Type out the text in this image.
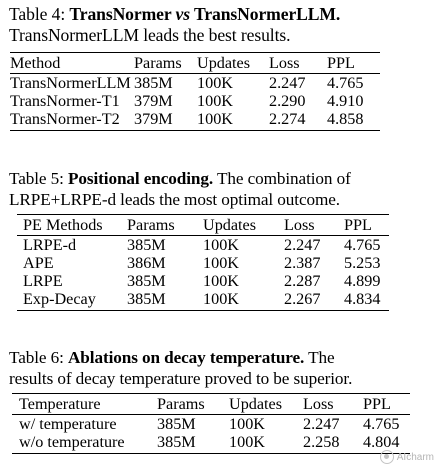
Table 4: TransNormer vs TransNormerLLM.
TransNormerLLM leads the best results.
Method	Params	Updates	Loss	PPL
TransNormerLLM	385M	100K	2.247	4.765
TransNormer-T1	379M	100K	2.290	4.910
TransNormer-T2	379M	100K	2.274	4.858
Table 5: Positional encoding. The combination of
LRPE+LRPE-d leads the most optimal outcome.
PE Methods	Params	Updates	Loss	PPL
LRPE-d	385M	100K	2.247	4.765
APE	386M	100K	2.387	5.253
LRPE	385M	100K	2.287	4.899
Exp-Decay	385M	100K	2.267	4.834
Table 6: Ablations on decay temperature. The
results of decay temperature proved to be superior.
Temperature	Params	Updates	Loss	PPL
w/ temperature	385M	100K	2.247	4.765
w/o temperature	385M	100K	2.258	4.804
AIcharm
